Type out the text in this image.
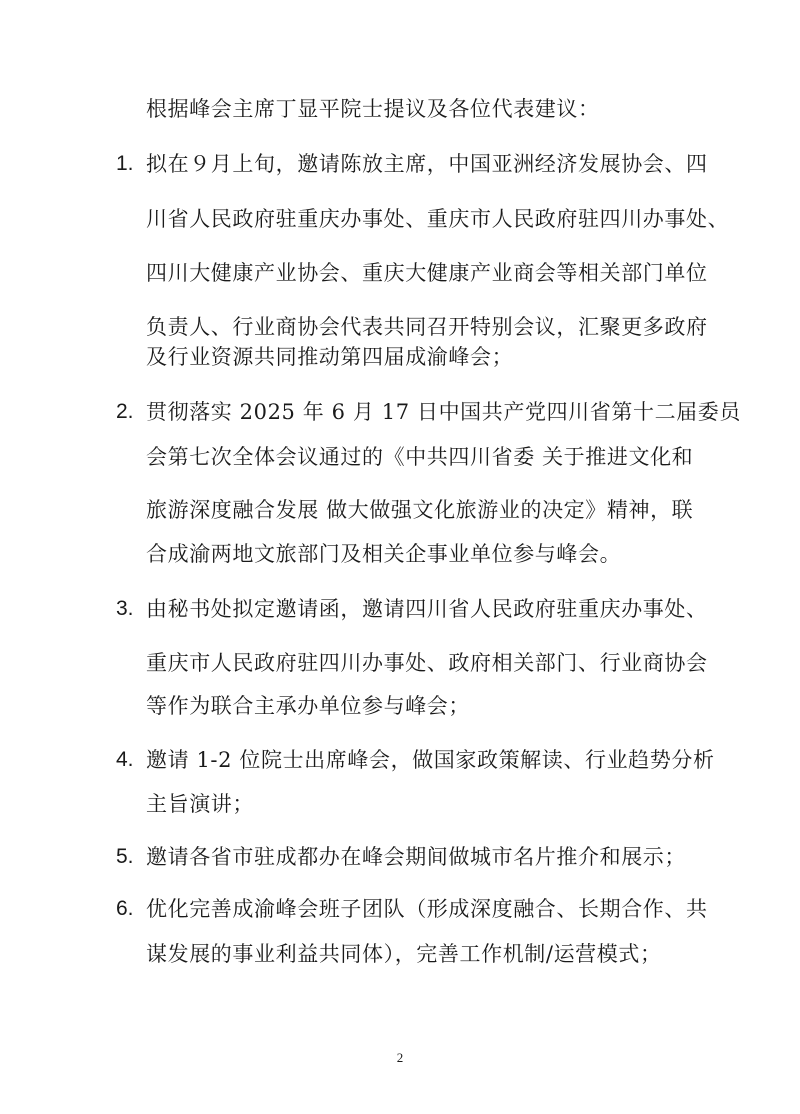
根据峰会主席丁显平院士提议及各位代表建议：
1. 拟在９月上旬，邀请陈放主席，中国亚洲经济发展协会、四
川省人民政府驻重庆办事处、重庆市人民政府驻四川办事处、
四川大健康产业协会、重庆大健康产业商会等相关部门单位
负责人、行业商协会代表共同召开特别会议，汇聚更多政府
及行业资源共同推动第四届成渝峰会；
2. 贯彻落实 2025 年 6 月 17 日中国共产党四川省第十二届委员
会第七次全体会议通过的《中共四川省委 关于推进文化和
旅游深度融合发展 做大做强文化旅游业的决定》精神，联
合成渝两地文旅部门及相关企事业单位参与峰会。
3. 由秘书处拟定邀请函，邀请四川省人民政府驻重庆办事处、
重庆市人民政府驻四川办事处、政府相关部门、行业商协会
等作为联合主承办单位参与峰会；
4. 邀请 1-2 位院士出席峰会，做国家政策解读、行业趋势分析
主旨演讲；
5. 邀请各省市驻成都办在峰会期间做城市名片推介和展示；
6. 优化完善成渝峰会班子团队（形成深度融合、长期合作、共
谋发展的事业利益共同体），完善工作机制/运营模式；
2
